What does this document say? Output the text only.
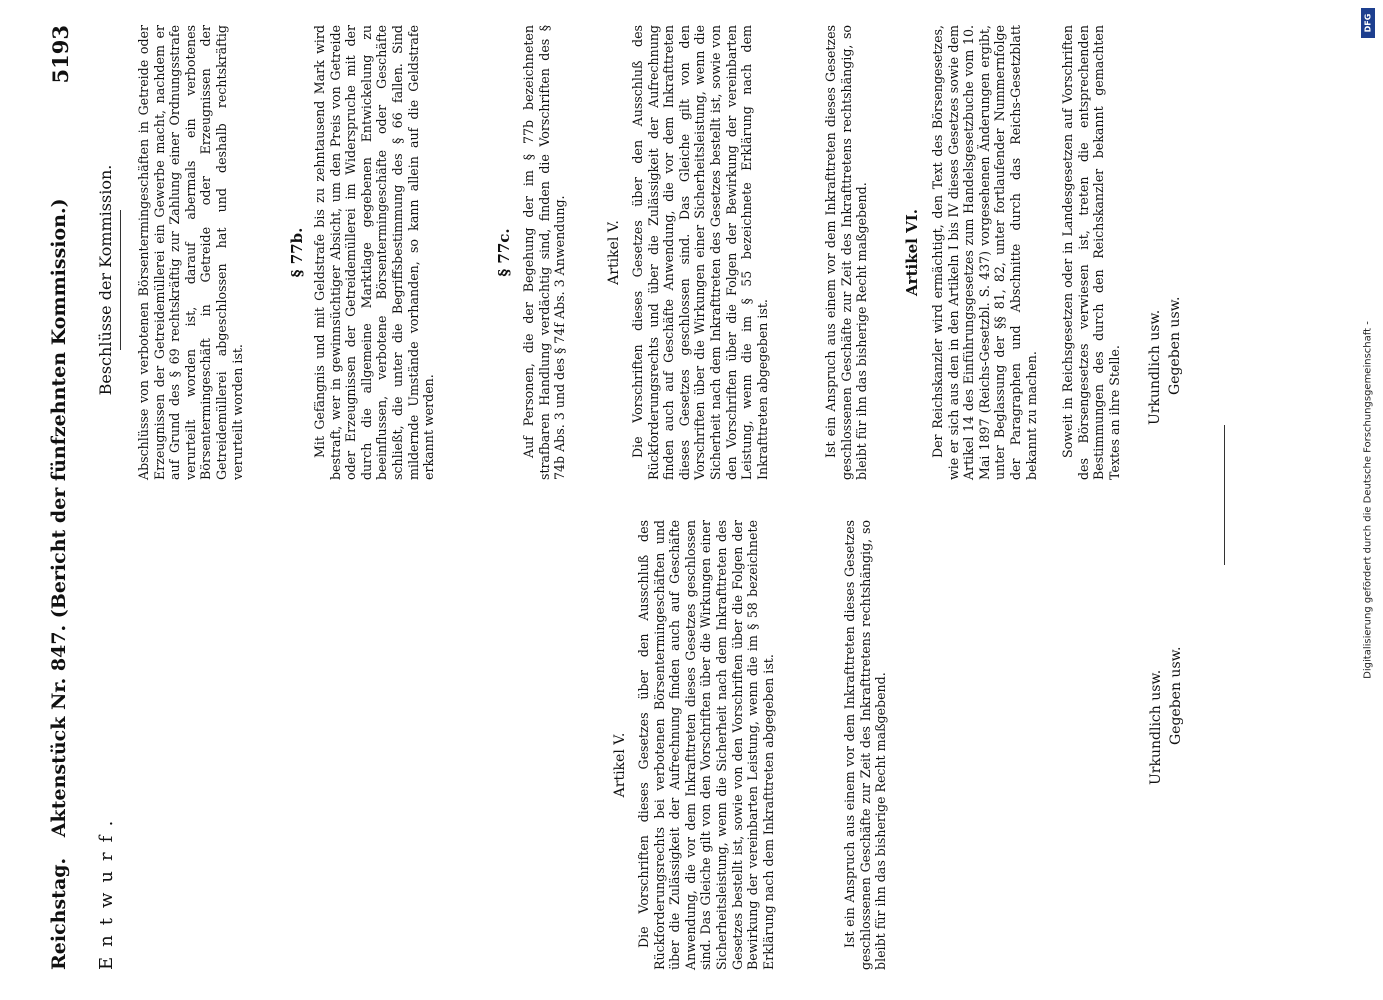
Reichstag. Aktenstück Nr. 847. (Bericht der fünfzehnten Kommission.)
5193
Entwurf.
Artikel V. Die Vorschriften dieses Gesetzes über den Ausschluß des Rückforderungsrechts bei verbotenen Börsentermingeschäften und über die Zulässigkeit der Aufrechnung finden auch auf Geschäfte Anwendung, die vor dem Inkrafttreten dieses Gesetzes geschlossen sind. Das Gleiche gilt von den Vorschriften über die Wirkungen einer Sicherheitsleistung, wenn die Sicherheit nach dem Inkrafttreten des Gesetzes bestellt ist, sowie von den Vorschriften über die Folgen der Bewirkung der vereinbarten Leistung, wenn die im § 58 bezeichnete Erklärung nach dem Inkrafttreten abgegeben ist.	Ist ein Anspruch aus einem vor dem Inkrafttreten dieses Gesetzes geschlossenen Geschäfte zur Zeit des Inkrafttretens rechtshängig, so bleibt für ihn das bisherige Recht maßgebend.	Urkundlich usw. Gegeben usw.
Beschlüsse der Kommission. Abschlüsse von verbotenen Börsentermingeschäften in Getreide oder Erzeugnissen der Getreidemüllerei ein Gewerbe macht, nachdem er auf Grund des § 69 rechtskräftig zur Zahlung einer Ordnungsstrafe verurteilt worden ist, darauf abermals ein verbotenes Börsentermingeschäft in Getreide oder Erzeugnissen der Getreidemüllerei abgeschlossen hat und deshalb rechtskräftig verurteilt worden ist.
§ 77b. Mit Gefängnis und mit Geldstrafe bis zu zehntausend Mark wird bestraft, wer in gewinnsüchtiger Absicht, um den Preis von Getreide oder Erzeugnissen der Getreidemüllerei im Widerspruche mit der durch die allgemeine Marktlage gegebenen Entwickelung zu beeinflussen, verbotene Börsentermingeschäfte oder Geschäfte schließt, die unter die Begriffsbestimmung des § 66 fallen. Sind mildernde Umstände vorhanden, so kann allein auf die Geldstrafe erkannt werden.
§ 77c. Auf Personen, die der Begehung der im § 77b bezeichneten strafbaren Handlung verdächtig sind, finden die Vorschriften des § 74b Abs. 3 und des § 74f Abs. 3 Anwendung.	Artikel V. Die Vorschriften dieses Gesetzes über den Ausschluß des Rückforderungsrechts und über die Zulässigkeit der Aufrechnung finden auch auf Geschäfte Anwendung, die vor dem Inkrafttreten dieses Gesetzes geschlossen sind. Das Gleiche gilt von den Vorschriften über die Wirkungen einer Sicherheitsleistung, wenn die Sicherheit nach dem Inkrafttreten des Gesetzes bestellt ist, sowie von den Vorschriften über die Folgen der Bewirkung der vereinbarten Leistung, wenn die im § 55 bezeichnete Erklärung nach dem Inkrafttreten abgegeben ist.	Ist ein Anspruch aus einem vor dem Inkrafttreten dieses Gesetzes geschlossenen Geschäfte zur Zeit des Inkrafttretens rechtshängig, so bleibt für ihn das bisherige Recht maßgebend. Artikel VI. Der Reichskanzler wird ermächtigt, den Text des Börsengesetzes, wie er sich aus den in den Artikeln I bis IV dieses Gesetzes sowie dem Artikel 14 des Einführungsgesetzes zum Handelsgesetzbuche vom 10. Mai 1897 (Reichs-Gesetzbl. S. 437) vorgesehenen Änderungen ergibt, unter Beglassung der §§ 81, 82, unter fortlaufender Nummernfolge der Paragraphen und Abschnitte durch das Reichs-Gesetzblatt bekannt zu machen. Soweit in Reichsgesetzen oder in Landesgesetzen auf Vorschriften des Börsengesetzes verwiesen ist, treten die entsprechenden Bestimmungen des durch den Reichskanzler bekannt gemachten Textes an ihre Stelle. Urkundlich usw. Gegeben usw.
DFG
Digitalisierung gefördert durch die Deutsche Forschungsgemeinschaft -
